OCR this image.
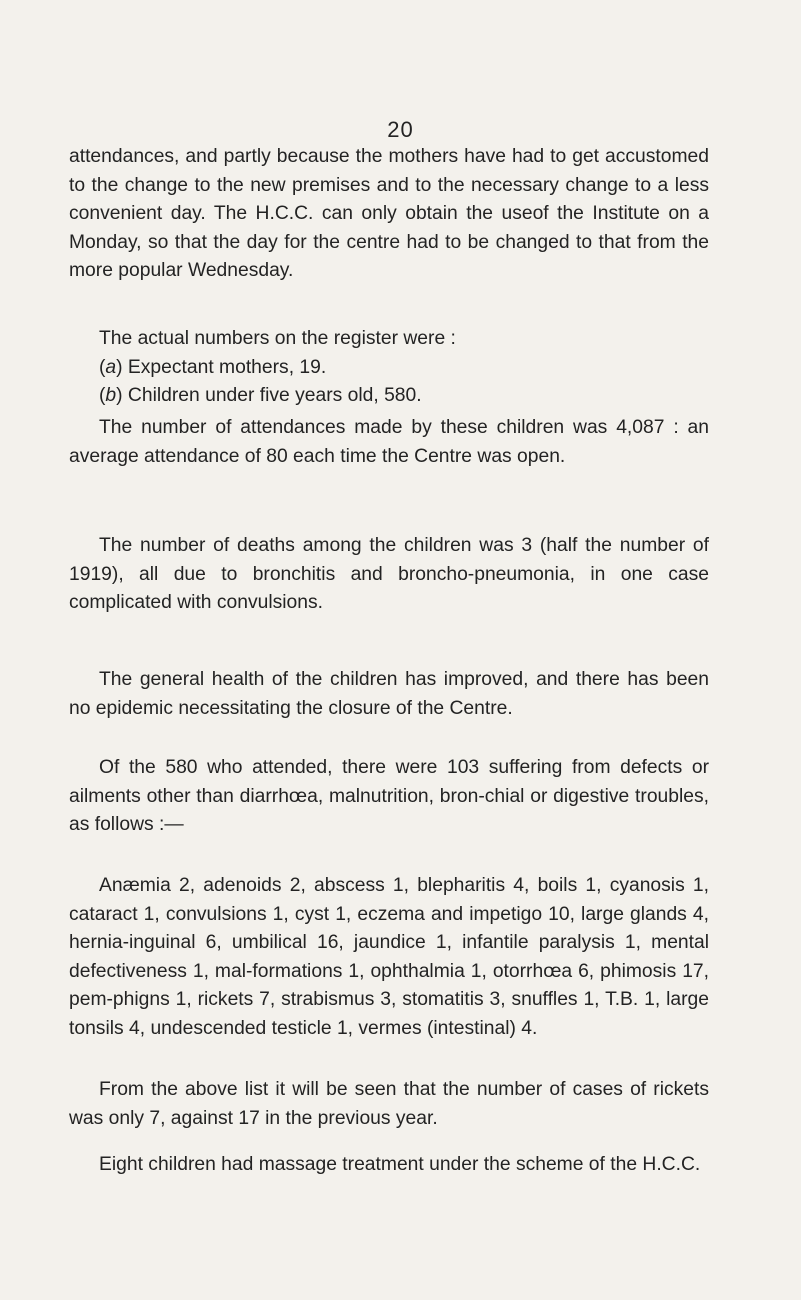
20

attendances, and partly because the mothers have had to get accustomed to the change to the new premises and to the necessary change to a less convenient day. The H.C.C. can only obtain the useof the Institute on a Monday, so that the day for the centre had to be changed to that from the more popular Wednesday.

The actual numbers on the register were :

(a) Expectant mothers, 19.

(b) Children under five years old, 580.

The number of attendances made by these children was 4,087 : an average attendance of 80 each time the Centre was open.

The number of deaths among the children was 3 (half the number of 1919), all due to bronchitis and broncho-pneumonia, in one case complicated with convulsions.

The general health of the children has improved, and there has been no epidemic necessitating the closure of the Centre.

Of the 580 who attended, there were 103 suffering from defects or ailments other than diarrhœa, malnutrition, bron-chial or digestive troubles, as follows :—

Anæmia 2, adenoids 2, abscess 1, blepharitis 4, boils 1, cyanosis 1, cataract 1, convulsions 1, cyst 1, eczema and impetigo 10, large glands 4, hernia-inguinal 6, umbilical 16, jaundice 1, infantile paralysis 1, mental defectiveness 1, mal-formations 1, ophthalmia 1, otorrhœa 6, phimosis 17, pem-phigns 1, rickets 7, strabismus 3, stomatitis 3, snuffles 1, T.B. 1, large tonsils 4, undescended testicle 1, vermes (intestinal) 4.

From the above list it will be seen that the number of cases of rickets was only 7, against 17 in the previous year.

Eight children had massage treatment under the scheme of the H.C.C.
